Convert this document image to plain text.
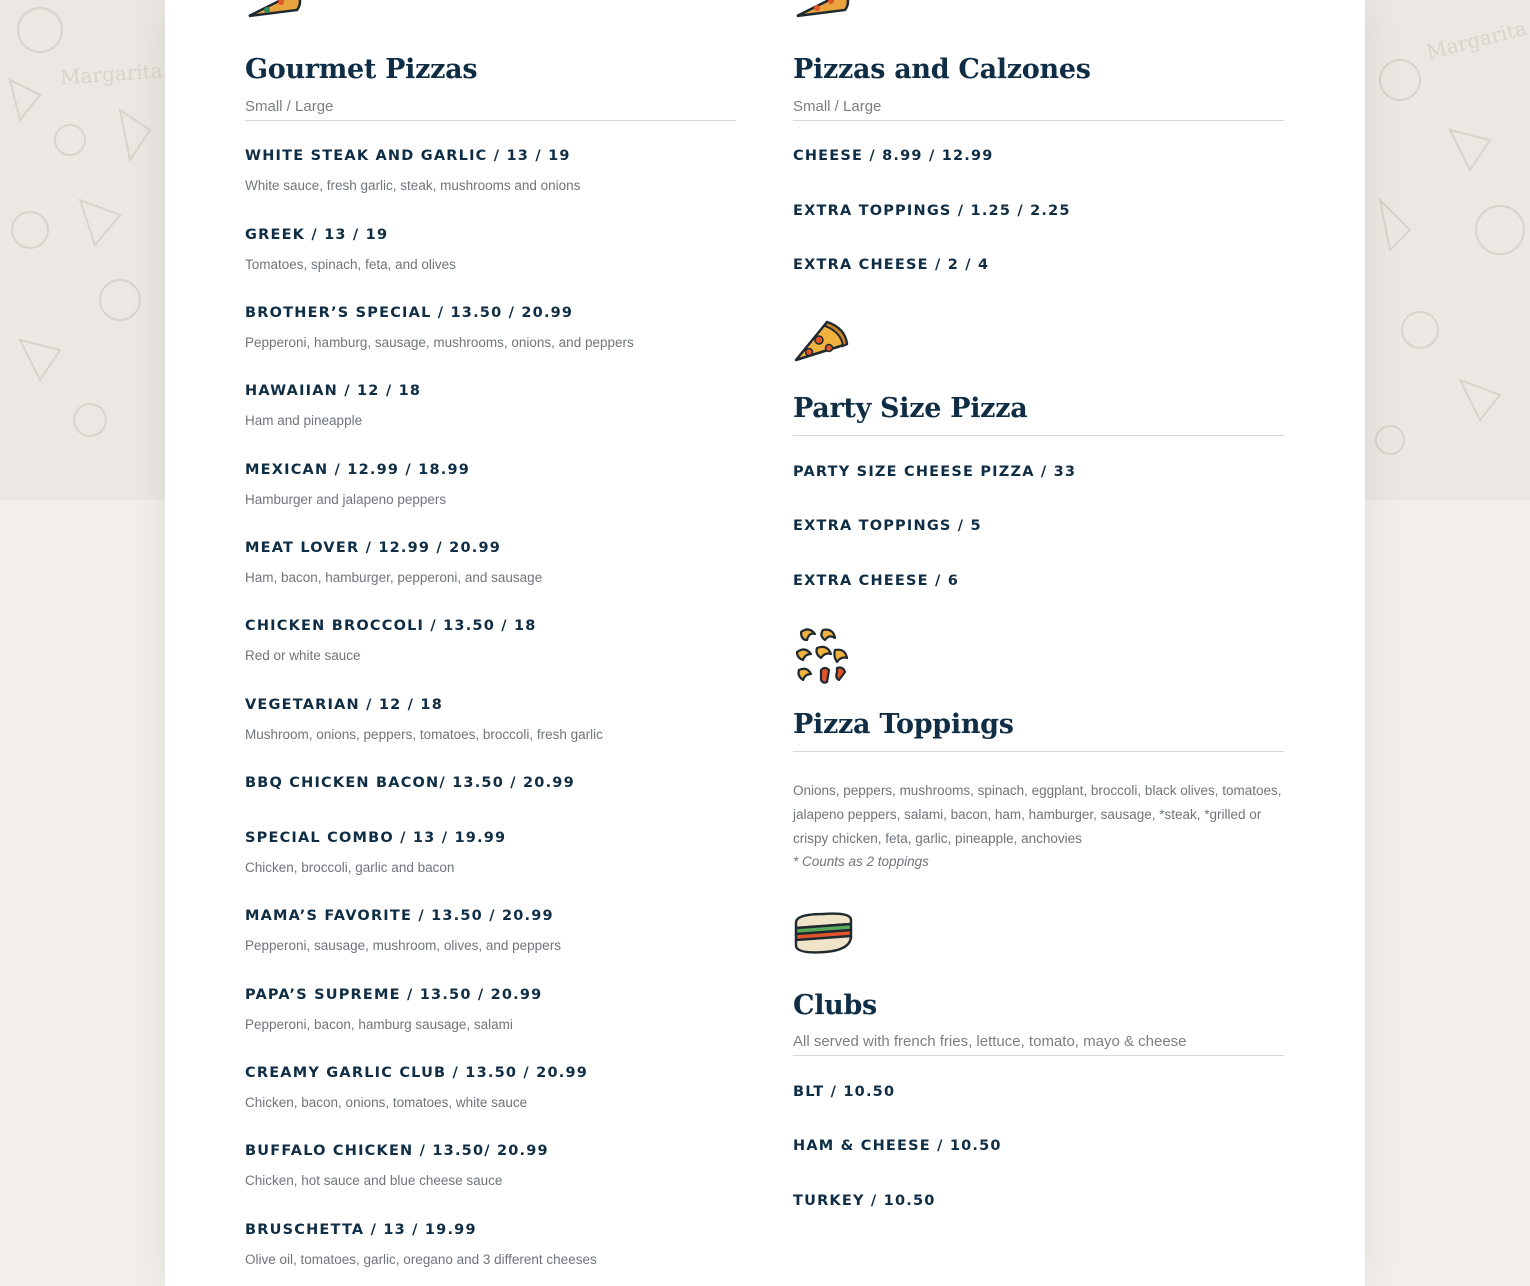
Margarita
Margarita
Gourmet Pizzas
Small / Large
WHITE STEAK AND GARLIC / 13 / 19
White sauce, fresh garlic, steak, mushrooms and onions
GREEK / 13 / 19
Tomatoes, spinach, feta, and olives
BROTHER’S SPECIAL / 13.50 / 20.99
Pepperoni, hamburg, sausage, mushrooms, onions, and peppers
HAWAIIAN / 12 / 18
Ham and pineapple
MEXICAN / 12.99 / 18.99
Hamburger and jalapeno peppers
MEAT LOVER / 12.99 / 20.99
Ham, bacon, hamburger, pepperoni, and sausage
CHICKEN BROCCOLI / 13.50 / 18
Red or white sauce
VEGETARIAN / 12 / 18
Mushroom, onions, peppers, tomatoes, broccoli, fresh garlic
BBQ CHICKEN BACON/ 13.50 / 20.99
SPECIAL COMBO / 13 / 19.99
Chicken, broccoli, garlic and bacon
MAMA’S FAVORITE / 13.50 / 20.99
Pepperoni, sausage, mushroom, olives, and peppers
PAPA’S SUPREME / 13.50 / 20.99
Pepperoni, bacon, hamburg sausage, salami
CREAMY GARLIC CLUB / 13.50 / 20.99
Chicken, bacon, onions, tomatoes, white sauce
BUFFALO CHICKEN / 13.50/ 20.99
Chicken, hot sauce and blue cheese sauce
BRUSCHETTA / 13 / 19.99
Olive oil, tomatoes, garlic, oregano and 3 different cheeses
Pizzas and Calzones
Small / Large
CHEESE / 8.99 / 12.99
EXTRA TOPPINGS / 1.25 / 2.25
EXTRA CHEESE / 2 / 4
Party Size Pizza
PARTY SIZE CHEESE PIZZA / 33
EXTRA TOPPINGS / 5
EXTRA CHEESE / 6
Pizza Toppings
Onions, peppers, mushrooms, spinach, eggplant, broccoli, black olives, tomatoes, jalapeno peppers, salami, bacon, ham, hamburger, sausage, *steak, *grilled or crispy chicken, feta, garlic, pineapple, anchovies
* Counts as 2 toppings
Clubs
All served with french fries, lettuce, tomato, mayo & cheese
BLT / 10.50
HAM & CHEESE / 10.50
TURKEY / 10.50
